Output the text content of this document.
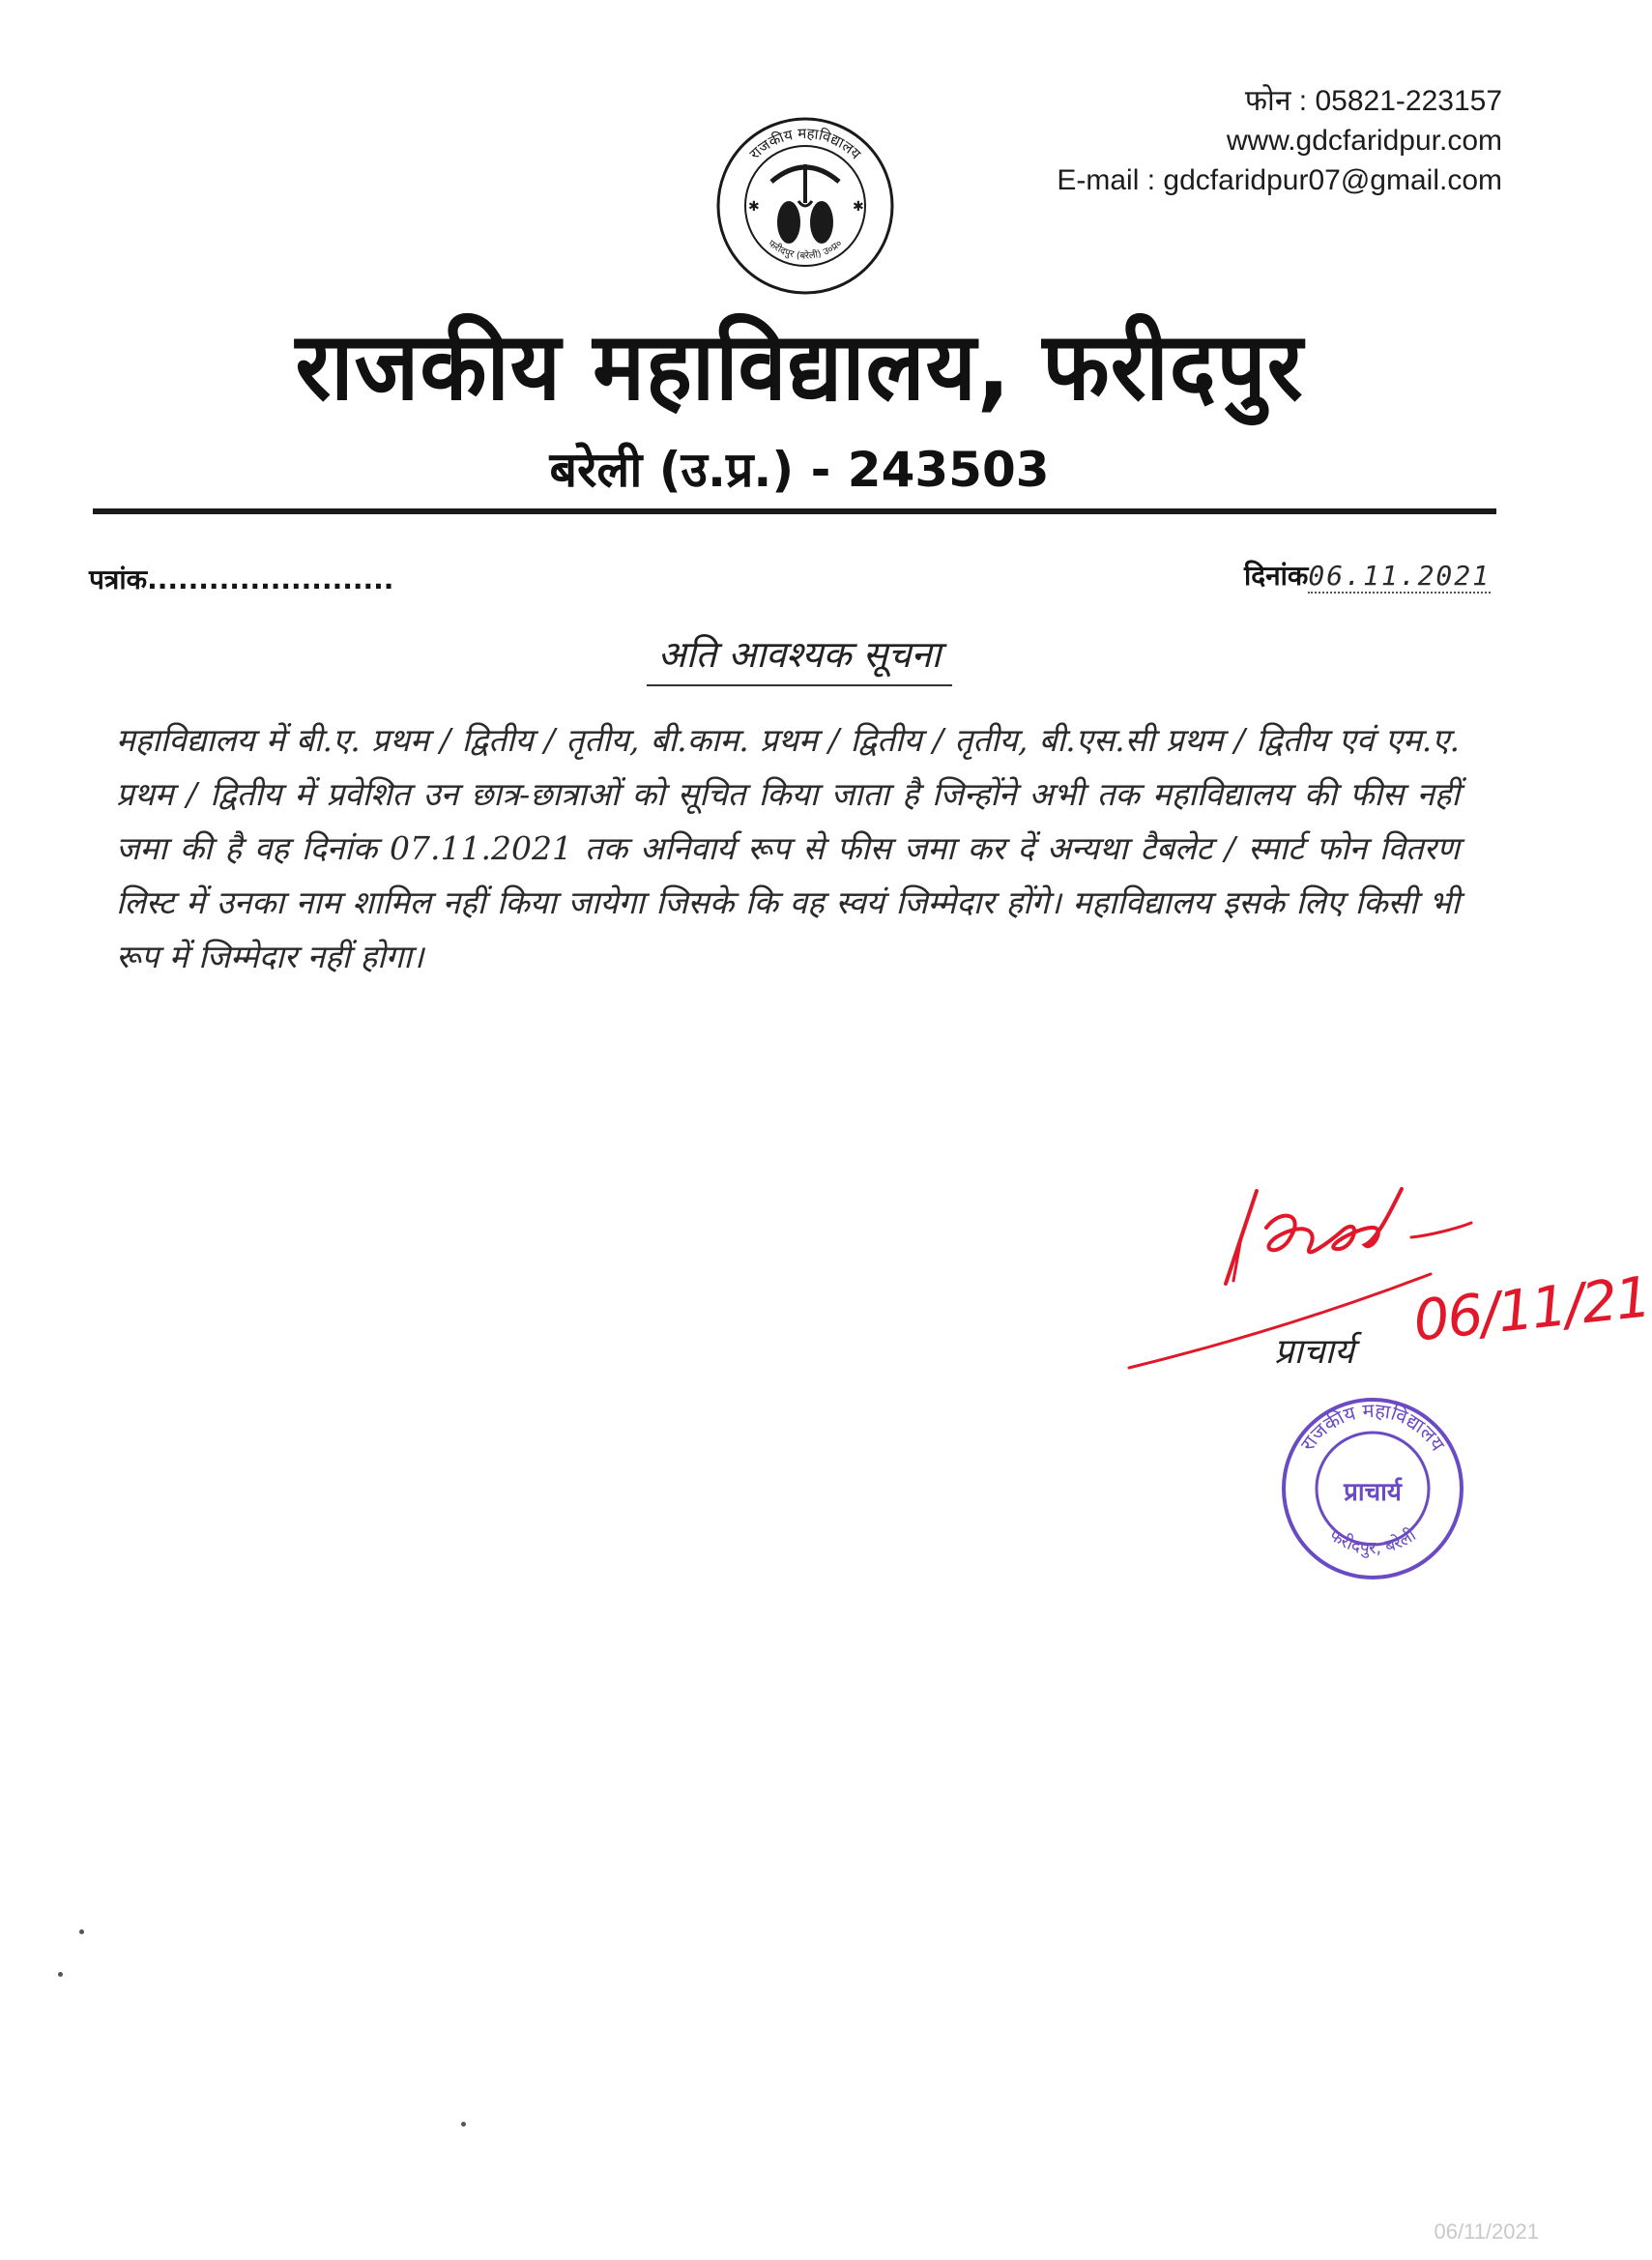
फोन : 05821-223157
www.gdcfaridpur.com
E-mail : gdcfaridpur07@gmail.com
राजकीय महाविद्यालय
फरीदपुर (बरेली) उ०प्र०
✱	✱
राजकीय महाविद्यालय, फरीदपुर
बरेली (उ.प्र.) - 243503
पत्रांक........................	दिनांक06.11.2021
अति आवश्यक सूचना
महाविद्यालय में बी.ए. प्रथम / द्वितीय / तृतीय, बी.काम. प्रथम / द्वितीय / तृतीय, बी.एस.सी प्रथम / द्वितीय एवं एम.ए. प्रथम / द्वितीय में प्रवेशित उन छात्र-छात्राओं को सूचित किया जाता है जिन्होंने अभी तक महाविद्यालय की फीस नहीं जमा की है वह दिनांक 07.11.2021 तक अनिवार्य रूप से फीस जमा कर दें अन्यथा टैबलेट / स्मार्ट फोन वितरण लिस्ट में उनका नाम शामिल नहीं किया जायेगा जिसके कि वह स्वयं जिम्मेदार होंगे। महाविद्यालय इसके लिए किसी भी रूप में जिम्मेदार नहीं होगा।
06/11/21
प्राचार्य
राजकीय महाविद्यालय
फरीदपुर, बरेली
प्राचार्य
06/11/2021
